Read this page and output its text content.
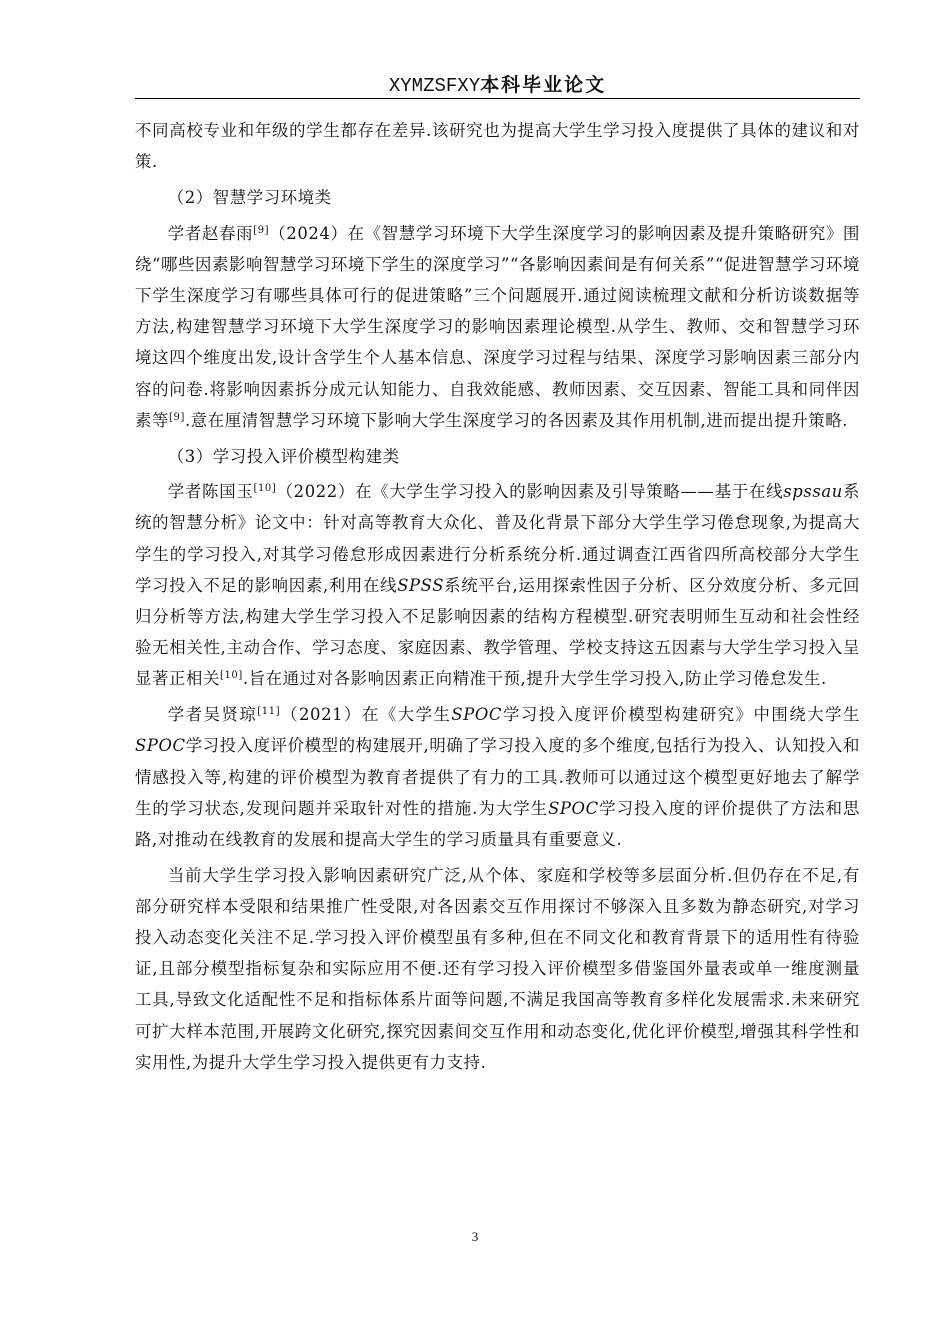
XYMZSFXY本科毕业论文

不同高校专业和年级的学生都存在差异.该研究也为提高大学生学习投入度提供了具体的建议和对策.

（2）智慧学习环境类

学者赵春雨[9]（2024）在《智慧学习环境下大学生深度学习的影响因素及提升策略研究》围绕“哪些因素影响智慧学习环境下学生的深度学习”“各影响因素间是有何关系”“促进智慧学习环境下学生深度学习有哪些具体可行的促进策略”三个问题展开.通过阅读梳理文献和分析访谈数据等方法,构建智慧学习环境下大学生深度学习的影响因素理论模型.从学生、教师、交和智慧学习环境这四个维度出发,设计含学生个人基本信息、深度学习过程与结果、深度学习影响因素三部分内容的问卷.将影响因素拆分成元认知能力、自我效能感、教师因素、交互因素、智能工具和同伴因素等[9].意在厘清智慧学习环境下影响大学生深度学习的各因素及其作用机制,进而提出提升策略.

（3）学习投入评价模型构建类

学者陈国玉[10]（2022）在《大学生学习投入的影响因素及引导策略——基于在线spssau系统的智慧分析》论文中：针对高等教育大众化、普及化背景下部分大学生学习倦怠现象,为提高大学生的学习投入,对其学习倦怠形成因素进行分析系统分析.通过调查江西省四所高校部分大学生学习投入不足的影响因素,利用在线SPSS系统平台,运用探索性因子分析、区分效度分析、多元回归分析等方法,构建大学生学习投入不足影响因素的结构方程模型.研究表明师生互动和社会性经验无相关性,主动合作、学习态度、家庭因素、教学管理、学校支持这五因素与大学生学习投入呈显著正相关[10].旨在通过对各影响因素正向精准干预,提升大学生学习投入,防止学习倦怠发生.

学者吴贤琼[11]（2021）在《大学生SPOC学习投入度评价模型构建研究》中围绕大学生SPOC学习投入度评价模型的构建展开,明确了学习投入度的多个维度,包括行为投入、认知投入和情感投入等,构建的评价模型为教育者提供了有力的工具.教师可以通过这个模型更好地去了解学生的学习状态,发现问题并采取针对性的措施.为大学生SPOC学习投入度的评价提供了方法和思路,对推动在线教育的发展和提高大学生的学习质量具有重要意义.

当前大学生学习投入影响因素研究广泛,从个体、家庭和学校等多层面分析.但仍存在不足,有部分研究样本受限和结果推广性受限,对各因素交互作用探讨不够深入且多数为静态研究,对学习投入动态变化关注不足.学习投入评价模型虽有多种,但在不同文化和教育背景下的适用性有待验证,且部分模型指标复杂和实际应用不便.还有学习投入评价模型多借鉴国外量表或单一维度测量工具,导致文化适配性不足和指标体系片面等问题,不满足我国高等教育多样化发展需求.未来研究可扩大样本范围,开展跨文化研究,探究因素间交互作用和动态变化,优化评价模型,增强其科学性和实用性,为提升大学生学习投入提供更有力支持.

3
